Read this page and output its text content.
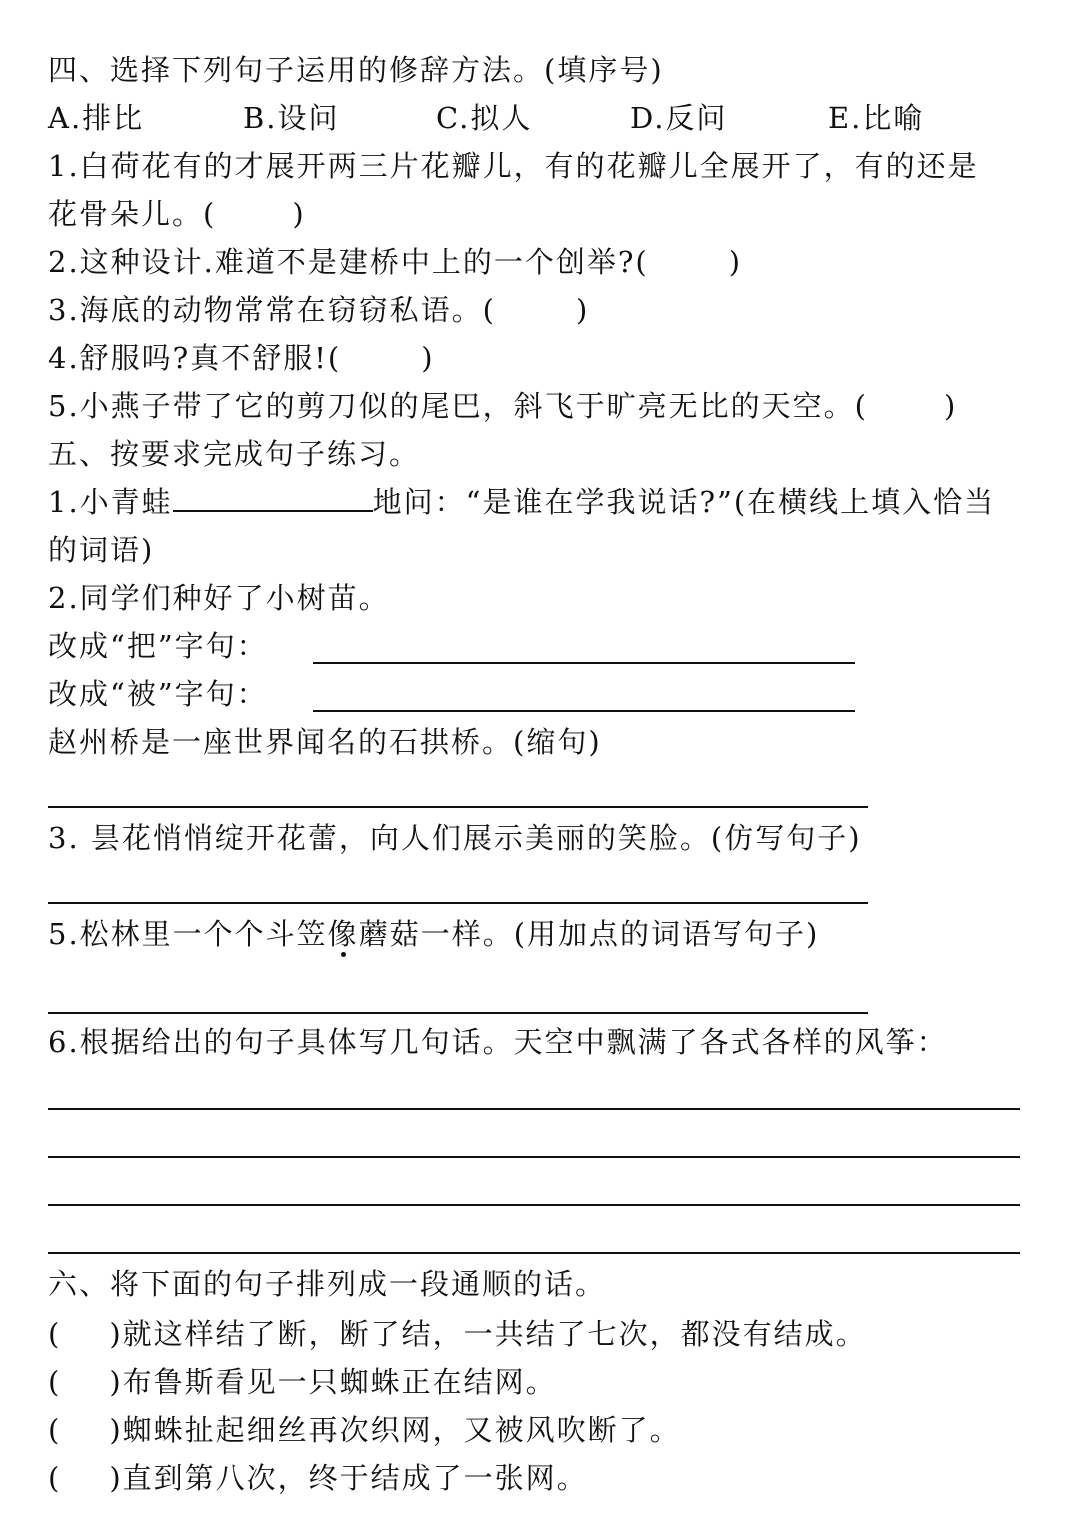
四、选择下列句子运用的修辞方法。(填序号)
A.排比	B.设问	C.拟人	D.反问	E.比喻
1.白荷花有的才展开两三片花瓣儿，有的花瓣儿全展开了，有的还是
花骨朵儿。(	)
2.这种设计.难道不是建桥中上的一个创举?(	)
3.海底的动物常常在窃窃私语。(	)
4.舒服吗?真不舒服!(	)
5.小燕子带了它的剪刀似的尾巴，斜飞于旷亮无比的天空。(	)
五、按要求完成句子练习。
1.小青蛙	地问：“是谁在学我说话?”(在横线上填入恰当
的词语)
2.同学们种好了小树苗。
改成“把”字句：
改成“被”字句：
赵州桥是一座世界闻名的石拱桥。(缩句)
3. 昙花悄悄绽开花蕾，向人们展示美丽的笑脸。(仿写句子)
5.松林里一个个斗笠像蘑菇一样。(用加点的词语写句子)
6.根据给出的句子具体写几句话。天空中飘满了各式各样的风筝：
六、将下面的句子排列成一段通顺的话。
( )就这样结了断，断了结，一共结了七次，都没有结成。
( )布鲁斯看见一只蜘蛛正在结网。
( )蜘蛛扯起细丝再次织网，又被风吹断了。
( )直到第八次，终于结成了一张网。
